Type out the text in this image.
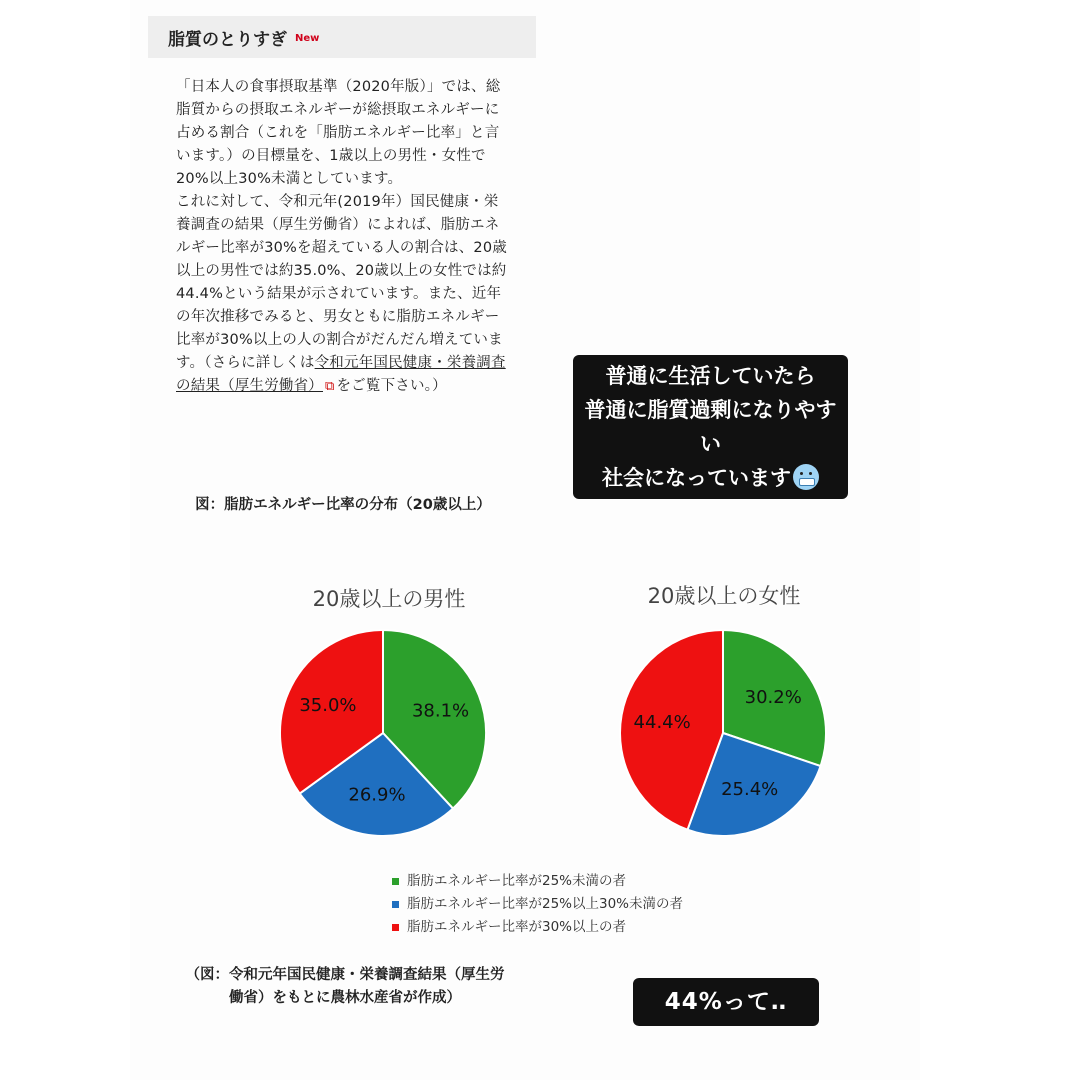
脂質のとりすぎ New

「日本人の食事摂取基準（2020年版）」では、総脂質からの摂取エネルギーが総摂取エネルギーに占める割合（これを「脂肪エネルギー比率」と言います。）の目標量を、1歳以上の男性・女性で20%以上30%未満としています。

これに対して、令和元年(2019年）国民健康・栄養調査の結果（厚生労働省）によれば、脂肪エネルギー比率が30%を超えている人の割合は、20歳以上の男性では約35.0%、20歳以上の女性では約44.4%という結果が示されています。また、近年の年次推移でみると、男女ともに脂肪エネルギー比率が30%以上の人の割合がだんだん増えています。（さらに詳しくは令和元年国民健康・栄養調査の結果（厚生労働省） ⧉ をご覧下さい。）

図：脂肪エネルギー比率の分布（20歳以上）
普通に生活していたら
普通に脂質過剰になりやすい
社会になっています
20歳以上の男性	20歳以上の女性
38.1%
26.9%
35.0%	30.2%
25.4%
44.4%
脂肪エネルギー比率が25%未満の者
脂肪エネルギー比率が25%以上30%未満の者
脂肪エネルギー比率が30%以上の者
（図：令和元年国民健康・栄養調査結果（厚生労働省）をもとに農林水産省が作成）	44%って‥
